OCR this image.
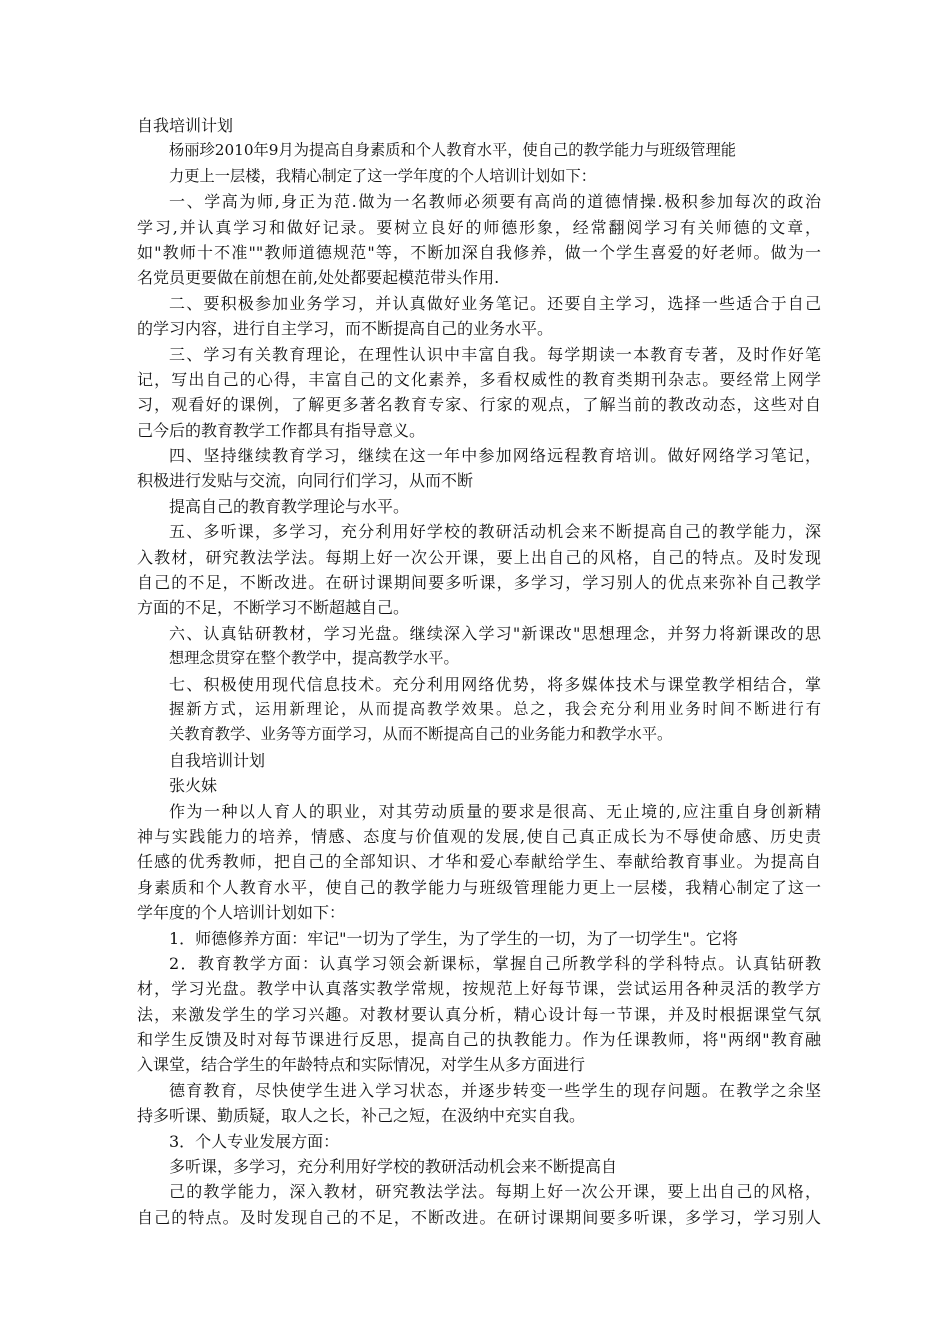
自我培训计划
杨丽珍2010年9月为提高自身素质和个人教育水平，使自己的教学能力与班级管理能
力更上一层楼，我精心制定了这一学年度的个人培训计划如下：
一、学高为师,身正为范.做为一名教师必须要有高尚的道德情操.极积参加每次的政治
学习,并认真学习和做好记录。要树立良好的师德形象，经常翻阅学习有关师德的文章，
如"教师十不准""教师道德规范"等，不断加深自我修养，做一个学生喜爱的好老师。做为一
名党员更要做在前想在前,处处都要起模范带头作用.
二、要积极参加业务学习，并认真做好业务笔记。还要自主学习，选择一些适合于自己
的学习内容，进行自主学习，而不断提高自己的业务水平。
三、学习有关教育理论，在理性认识中丰富自我。每学期读一本教育专著，及时作好笔
记，写出自己的心得，丰富自己的文化素养，多看权威性的教育类期刊杂志。要经常上网学
习，观看好的课例，了解更多著名教育专家、行家的观点，了解当前的教改动态，这些对自
己今后的教育教学工作都具有指导意义。
四、坚持继续教育学习，继续在这一年中参加网络远程教育培训。做好网络学习笔记，
积极进行发贴与交流，向同行们学习，从而不断
提高自己的教育教学理论与水平。
五、多听课，多学习，充分利用好学校的教研活动机会来不断提高自己的教学能力，深
入教材，研究教法学法。每期上好一次公开课，要上出自己的风格，自己的特点。及时发现
自己的不足，不断改进。在研讨课期间要多听课，多学习，学习别人的优点来弥补自己教学
方面的不足，不断学习不断超越自己。
六、认真钻研教材，学习光盘。继续深入学习"新课改"思想理念，并努力将新课改的思
想理念贯穿在整个教学中，提高教学水平。
七、积极使用现代信息技术。充分利用网络优势，将多媒体技术与课堂教学相结合，掌
握新方式，运用新理论，从而提高教学效果。总之，我会充分利用业务时间不断进行有
关教育教学、业务等方面学习，从而不断提高自己的业务能力和教学水平。
自我培训计划
张火妹
作为一种以人育人的职业，对其劳动质量的要求是很高、无止境的,应注重自身创新精
神与实践能力的培养，情感、态度与价值观的发展,使自己真正成长为不辱使命感、历史责
任感的优秀教师，把自己的全部知识、才华和爱心奉献给学生、奉献给教育事业。为提高自
身素质和个人教育水平，使自己的教学能力与班级管理能力更上一层楼，我精心制定了这一
学年度的个人培训计划如下：
1．师德修养方面：牢记"一切为了学生，为了学生的一切，为了一切学生"。它将
2．教育教学方面：认真学习领会新课标，掌握自己所教学科的学科特点。认真钻研教
材，学习光盘。教学中认真落实教学常规，按规范上好每节课，尝试运用各种灵活的教学方
法，来激发学生的学习兴趣。对教材要认真分析，精心设计每一节课，并及时根据课堂气氛
和学生反馈及时对每节课进行反思，提高自己的执教能力。作为任课教师，将"两纲"教育融
入课堂，结合学生的年龄特点和实际情况，对学生从多方面进行
德育教育，尽快使学生进入学习状态，并逐步转变一些学生的现存问题。在教学之余坚
持多听课、勤质疑，取人之长，补己之短，在汲纳中充实自我。
3．个人专业发展方面：
多听课，多学习，充分利用好学校的教研活动机会来不断提高自
己的教学能力，深入教材，研究教法学法。每期上好一次公开课，要上出自己的风格，
自己的特点。及时发现自己的不足，不断改进。在研讨课期间要多听课，多学习，学习别人
